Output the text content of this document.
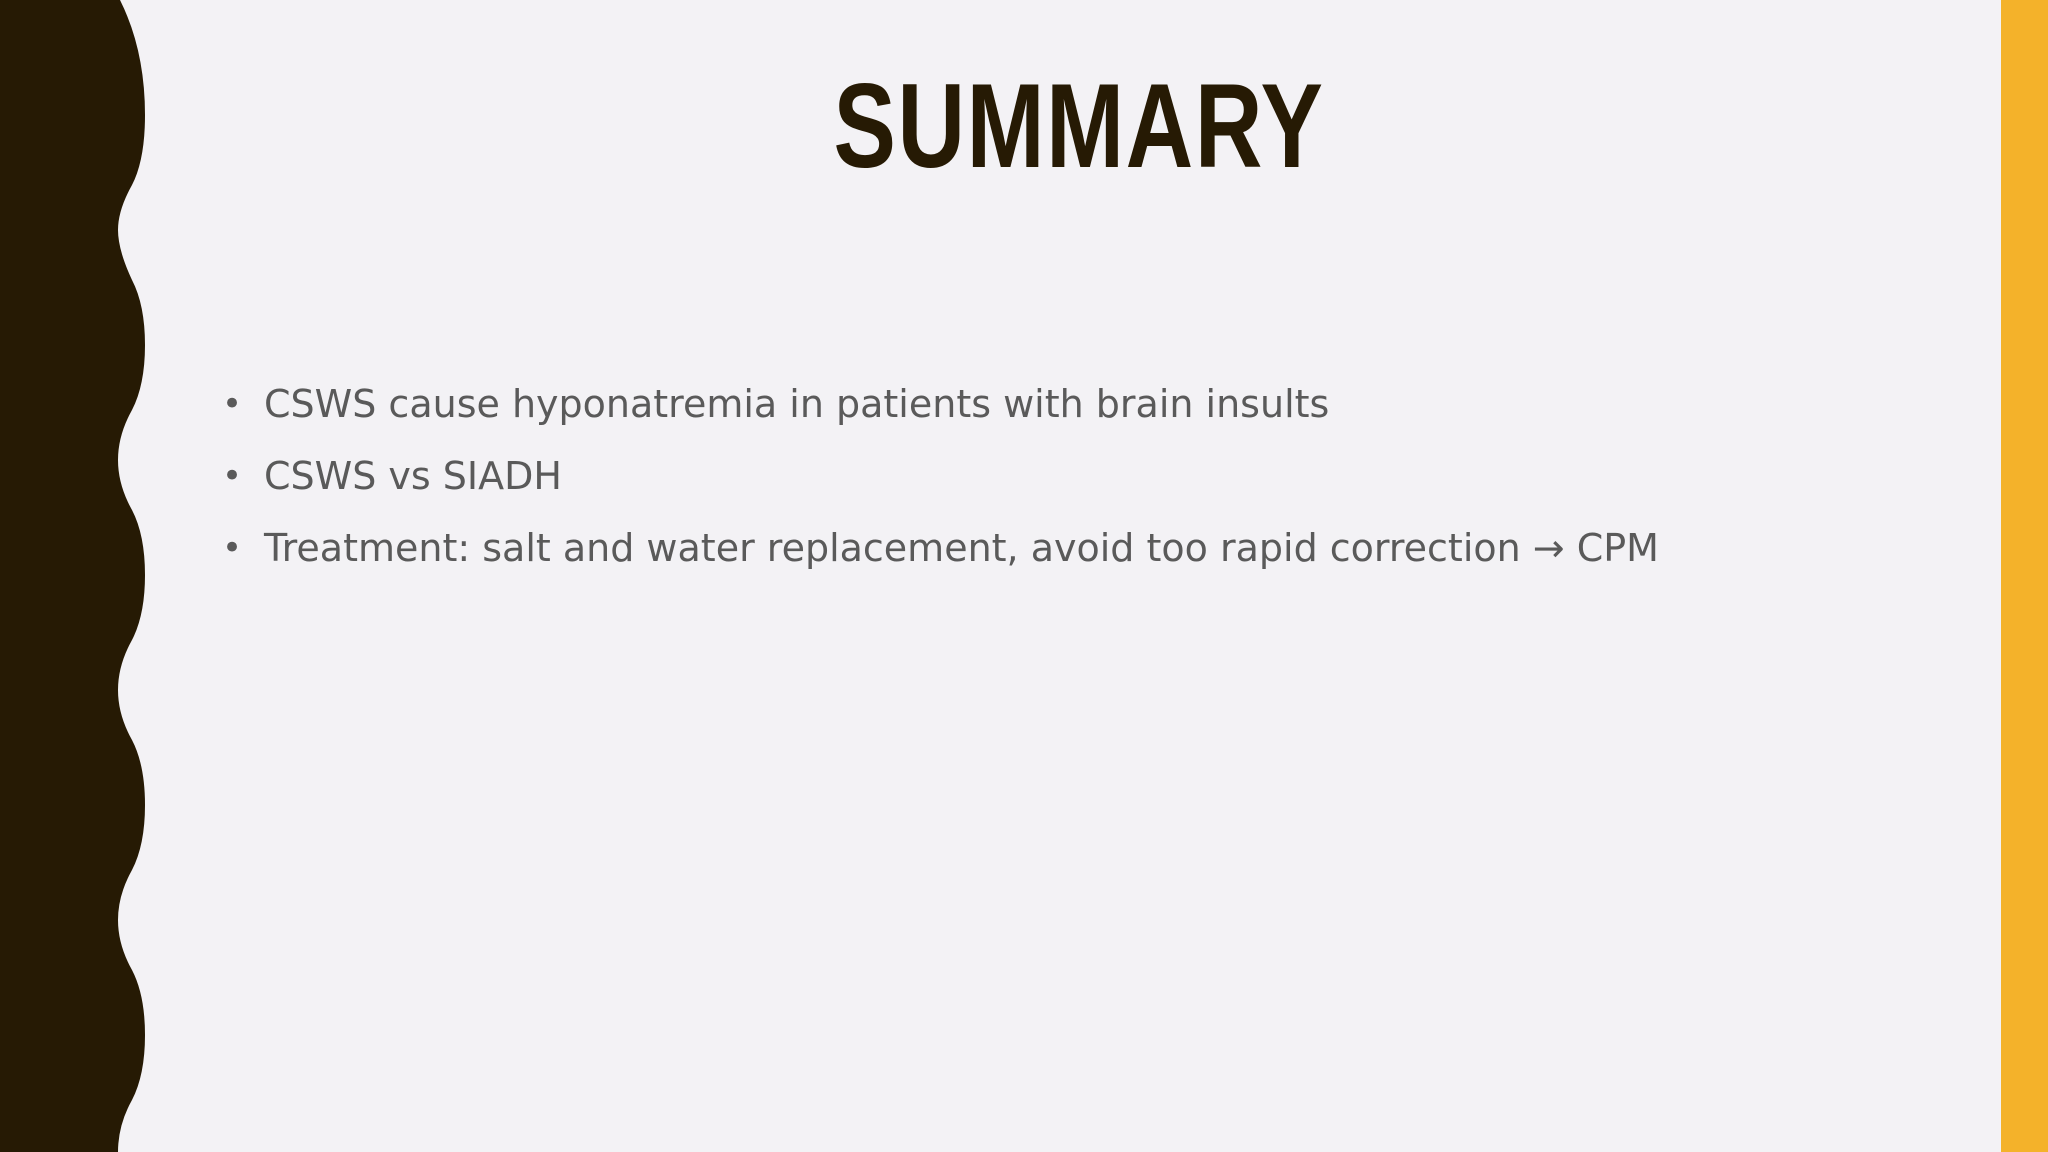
SUMMARY
• CSWS cause hyponatremia in patients with brain insults
• CSWS vs SIADH
• Treatment: salt and water replacement, avoid too rapid correction → CPM
